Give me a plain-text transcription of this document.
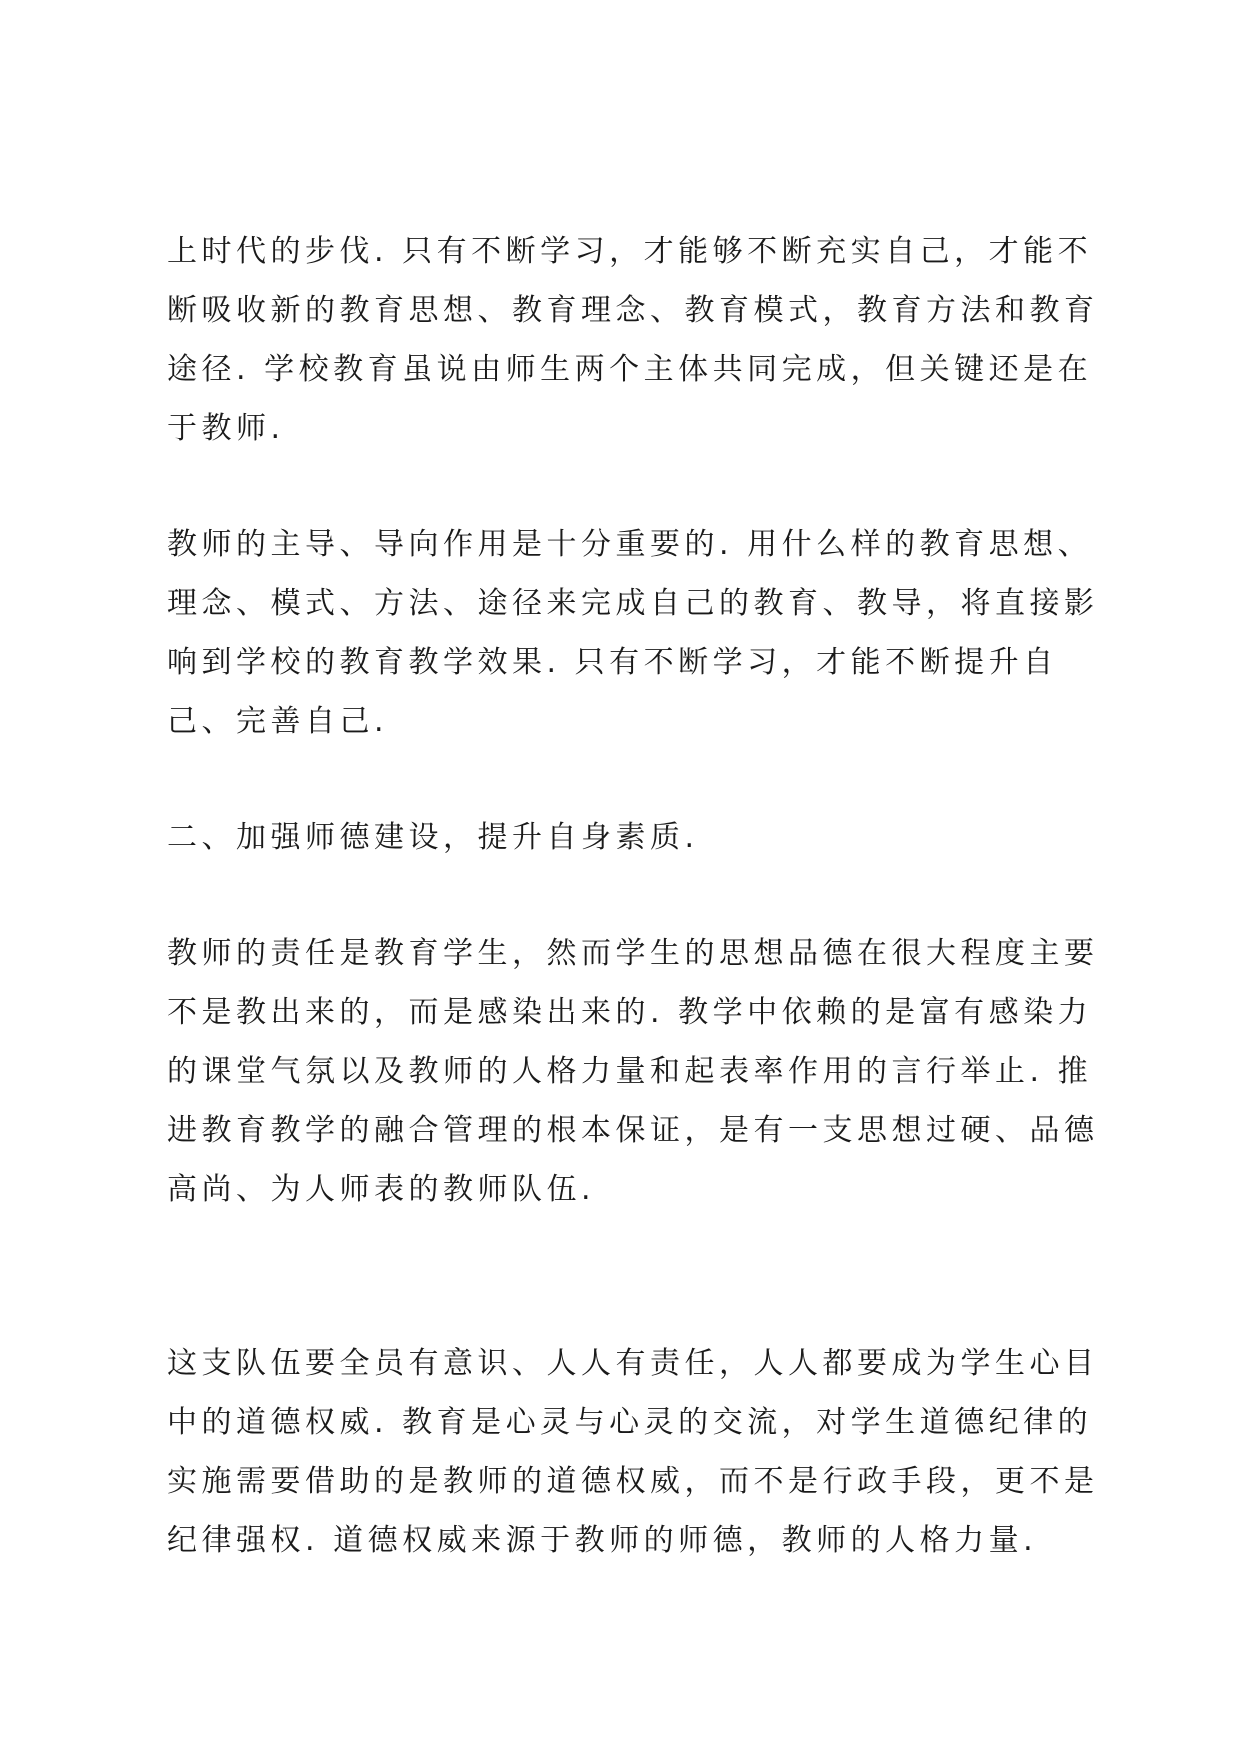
上时代的步伐. 只有不断学习，才能够不断充实自己，才能不

断吸收新的教育思想、教育理念、教育模式，教育方法和教育

途径. 学校教育虽说由师生两个主体共同完成，但关键还是在

于教师.

教师的主导、导向作用是十分重要的. 用什么样的教育思想、

理念、模式、方法、途径来完成自己的教育、教导，将直接影

响到学校的教育教学效果. 只有不断学习，才能不断提升自

己、完善自己.

二、加强师德建设，提升自身素质.

教师的责任是教育学生，然而学生的思想品德在很大程度主要

不是教出来的，而是感染出来的. 教学中依赖的是富有感染力

的课堂气氛以及教师的人格力量和起表率作用的言行举止. 推

进教育教学的融合管理的根本保证，是有一支思想过硬、品德

高尚、为人师表的教师队伍.

这支队伍要全员有意识、人人有责任，人人都要成为学生心目

中的道德权威. 教育是心灵与心灵的交流，对学生道德纪律的

实施需要借助的是教师的道德权威，而不是行政手段，更不是

纪律强权. 道德权威来源于教师的师德，教师的人格力量.
